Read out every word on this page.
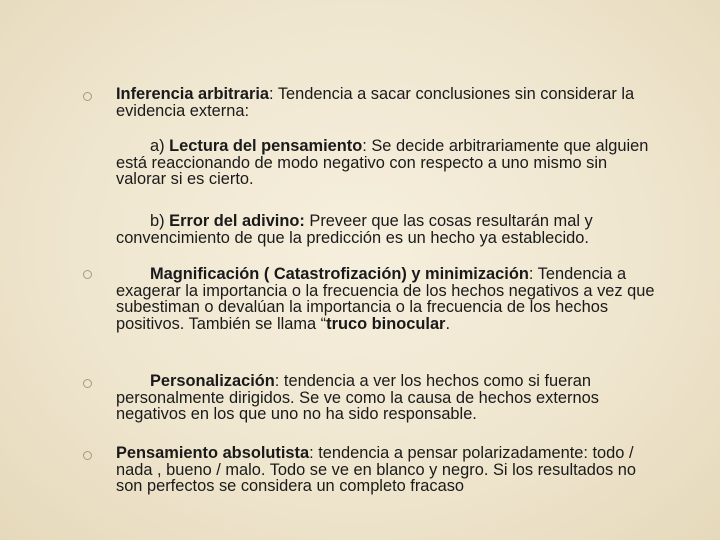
Inferencia arbitraria: Tendencia a sacar conclusiones sin considerar la evidencia externa:
a) Lectura del pensamiento: Se decide arbitrariamente que alguien está reaccionando de modo negativo con respecto a uno mismo sin valorar si es cierto.
b) Error del adivino: Preveer que las cosas resultarán mal y convencimiento de que la predicción es un hecho ya establecido.
Magnificación ( Catastrofización) y minimización: Tendencia a exagerar la importancia o la frecuencia de los hechos negativos a vez que subestiman o devalúan la importancia o la frecuencia de los hechos positivos. También se llama “truco binocular.
Personalización: tendencia a ver los hechos como si fueran personalmente dirigidos. Se ve como la causa de hechos externos negativos en los que uno no ha sido responsable.
Pensamiento absolutista: tendencia a pensar polarizadamente: todo / nada , bueno / malo. Todo se ve en blanco y negro. Si los resultados no son perfectos se considera un completo fracaso
